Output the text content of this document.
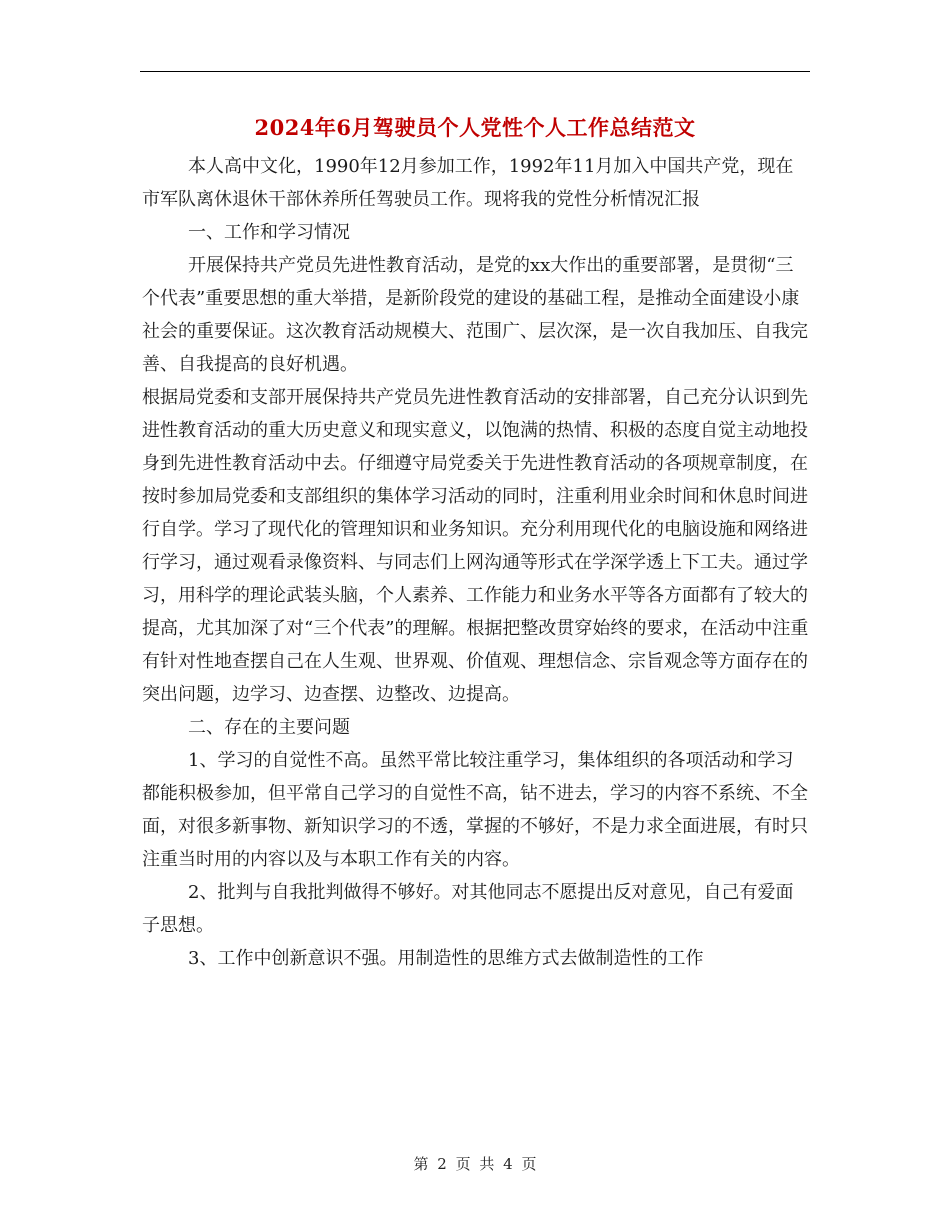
2024年6月驾驶员个人党性个人工作总结范文

本人高中文化，1990年12月参加工作，1992年11月加入中国共产党，现在市军队离休退休干部休养所任驾驶员工作。现将我的党性分析情况汇报

一、工作和学习情况

开展保持共产党员先进性教育活动，是党的xx大作出的重要部署，是贯彻“三个代表”重要思想的重大举措，是新阶段党的建设的基础工程，是推动全面建设小康社会的重要保证。这次教育活动规模大、范围广、层次深，是一次自我加压、自我完善、自我提高的良好机遇。

根据局党委和支部开展保持共产党员先进性教育活动的安排部署，自己充分认识到先进性教育活动的重大历史意义和现实意义，以饱满的热情、积极的态度自觉主动地投身到先进性教育活动中去。仔细遵守局党委关于先进性教育活动的各项规章制度，在按时参加局党委和支部组织的集体学习活动的同时，注重利用业余时间和休息时间进行自学。学习了现代化的管理知识和业务知识。充分利用现代化的电脑设施和网络进行学习，通过观看录像资料、与同志们上网沟通等形式在学深学透上下工夫。通过学习，用科学的理论武装头脑，个人素养、工作能力和业务水平等各方面都有了较大的提高，尤其加深了对“三个代表”的理解。根据把整改贯穿始终的要求，在活动中注重有针对性地查摆自己在人生观、世界观、价值观、理想信念、宗旨观念等方面存在的突出问题，边学习、边查摆、边整改、边提高。

二、存在的主要问题

1、学习的自觉性不高。虽然平常比较注重学习，集体组织的各项活动和学习都能积极参加，但平常自己学习的自觉性不高，钻不进去，学习的内容不系统、不全面，对很多新事物、新知识学习的不透，掌握的不够好，不是力求全面进展，有时只注重当时用的内容以及与本职工作有关的内容。

2、批判与自我批判做得不够好。对其他同志不愿提出反对意见，自己有爱面子思想。

3、工作中创新意识不强。用制造性的思维方式去做制造性的工作

第 2 页 共 4 页
